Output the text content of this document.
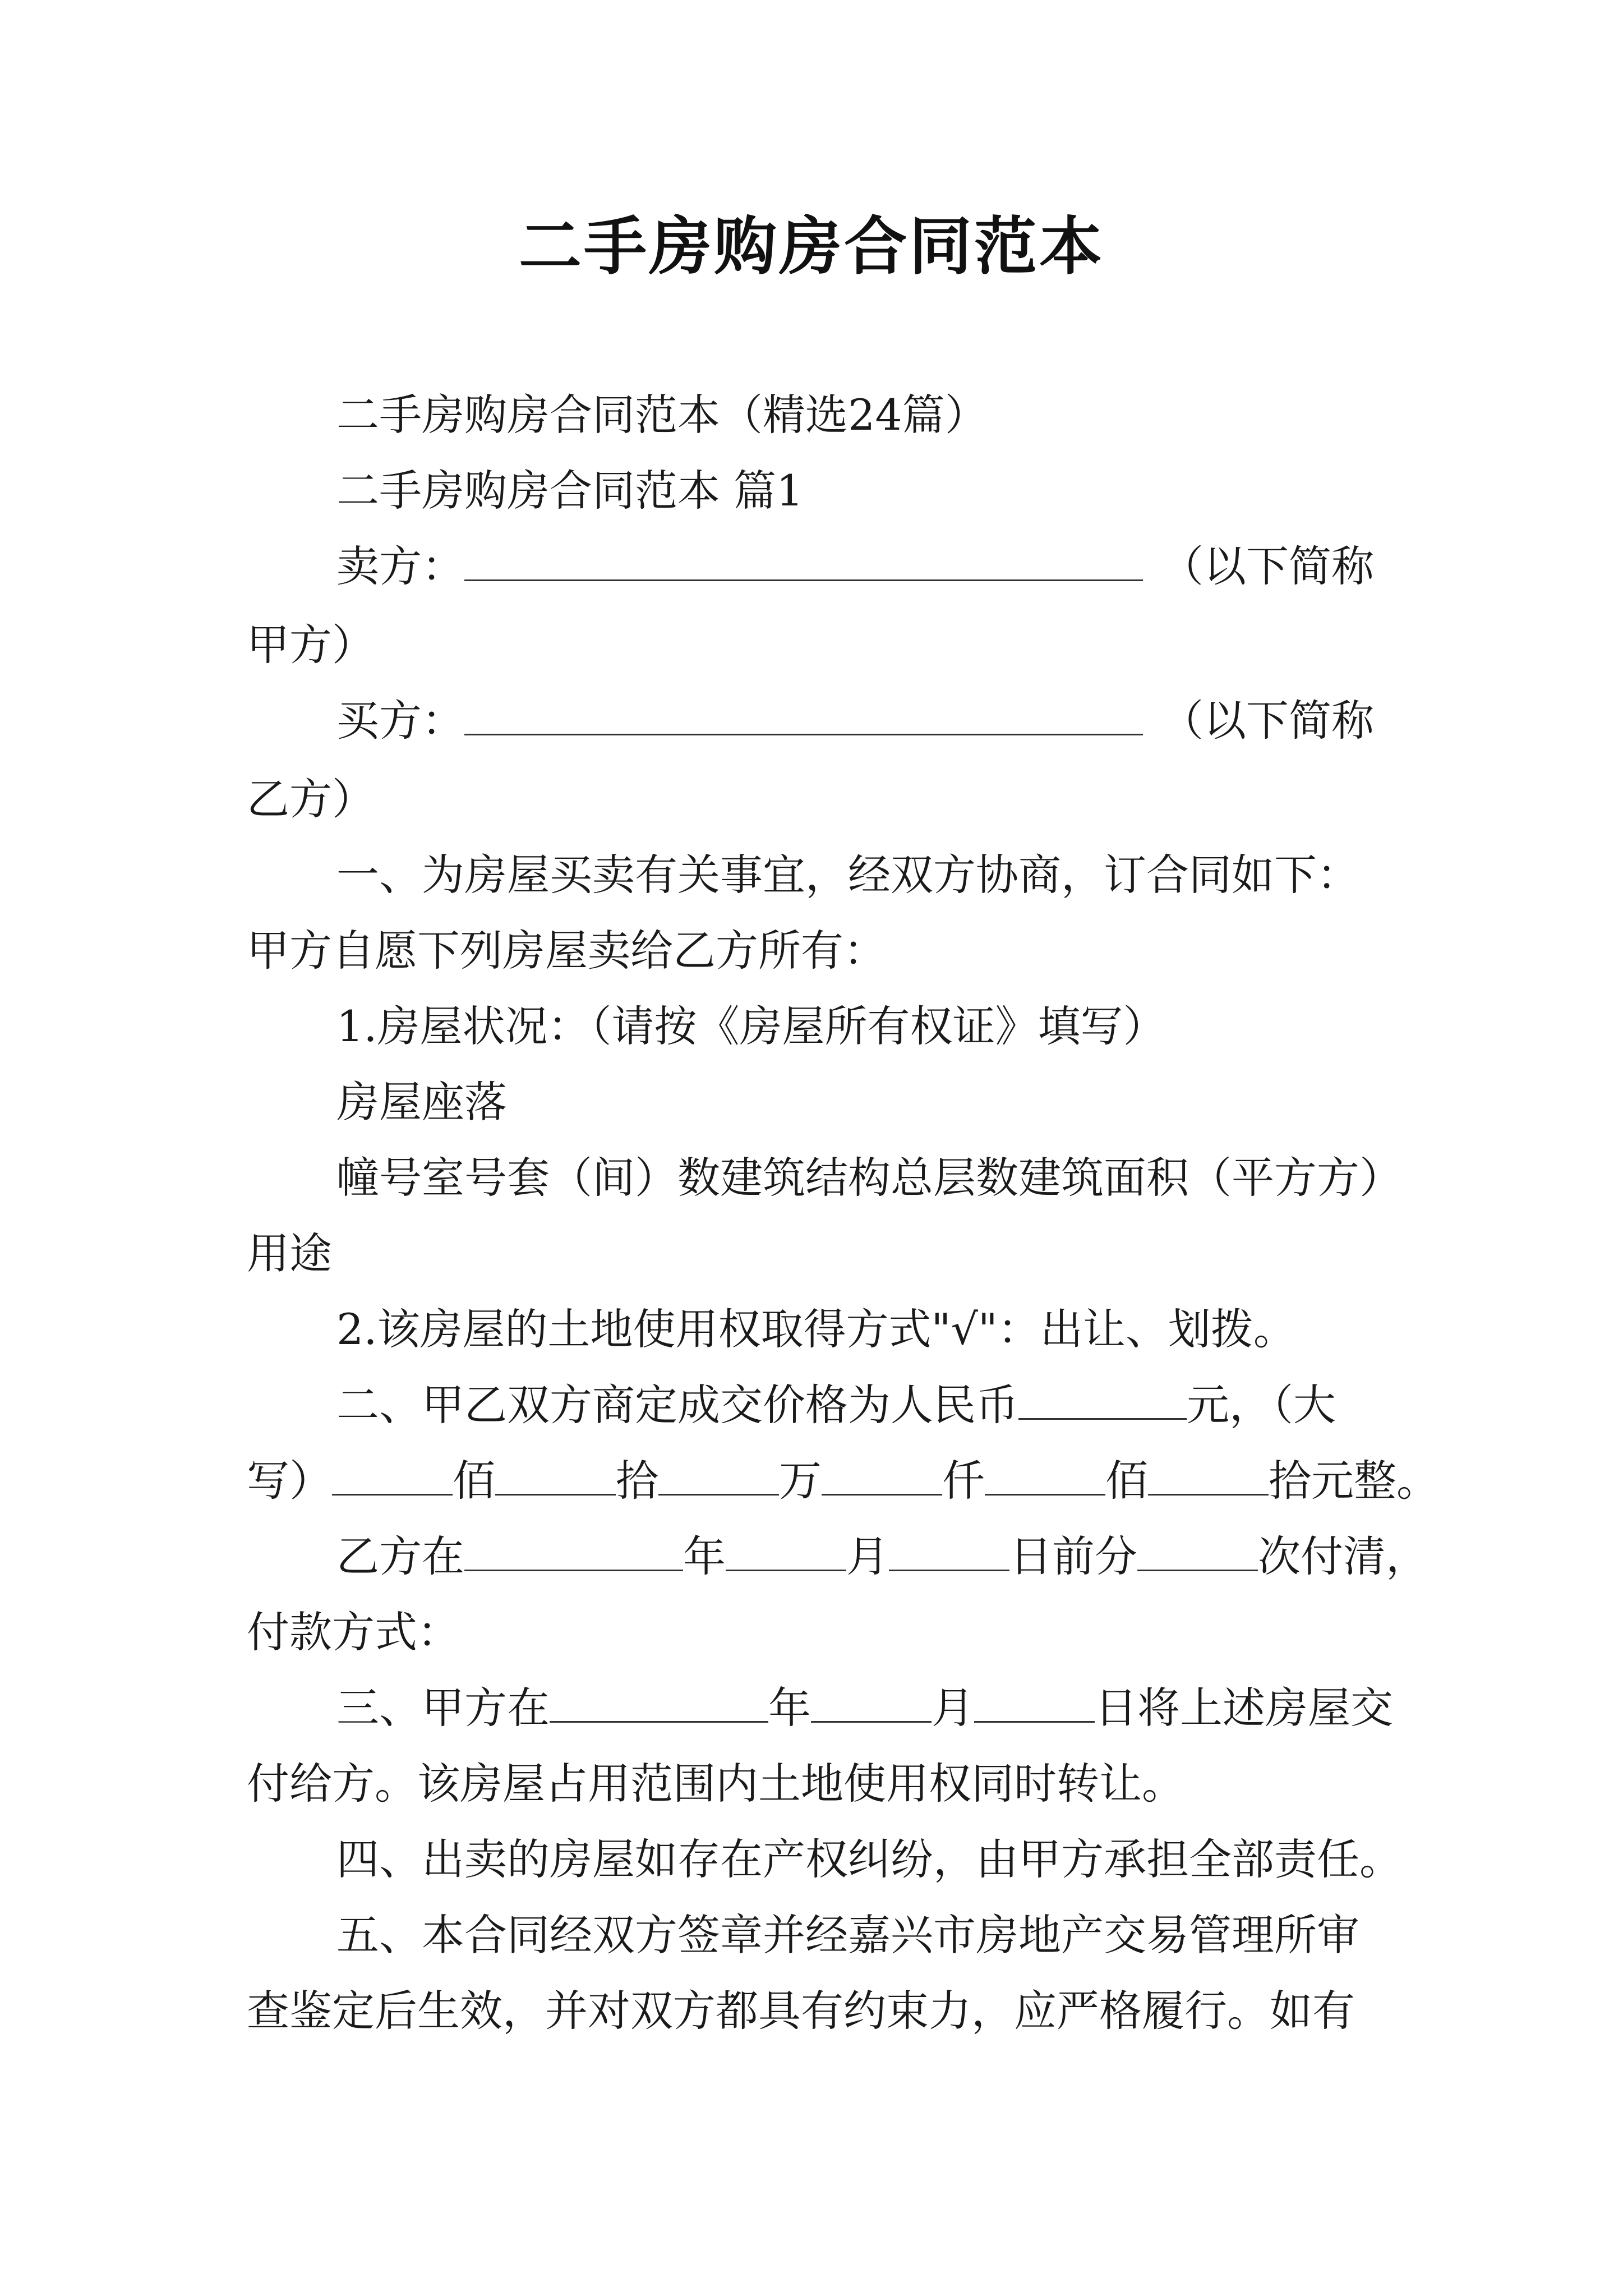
二手房购房合同范本
二手房购房合同范本（精选24篇）
二手房购房合同范本 篇1
卖方：	（以下简称
甲方）
买方：	（以下简称
乙方）
一、为房屋买卖有关事宜，经双方协商，订合同如下：
甲方自愿下列房屋卖给乙方所有：
1.房屋状况：（请按《房屋所有权证》填写）
房屋座落
幢号室号套（间）数建筑结构总层数建筑面积（平方方）
用途
2.该房屋的土地使用权取得方式"√"：出让、划拨。
二、甲乙双方商定成交价格为人民币	元，（大
写）	佰	拾	万	仟	佰	拾元整。
乙方在	年	月	日前分	次付清，
付款方式：
三、甲方在	年	月	日将上述房屋交
付给方。该房屋占用范围内土地使用权同时转让。
四、出卖的房屋如存在产权纠纷，由甲方承担全部责任。
五、本合同经双方签章并经嘉兴市房地产交易管理所审
查鉴定后生效，并对双方都具有约束力，应严格履行。如有
